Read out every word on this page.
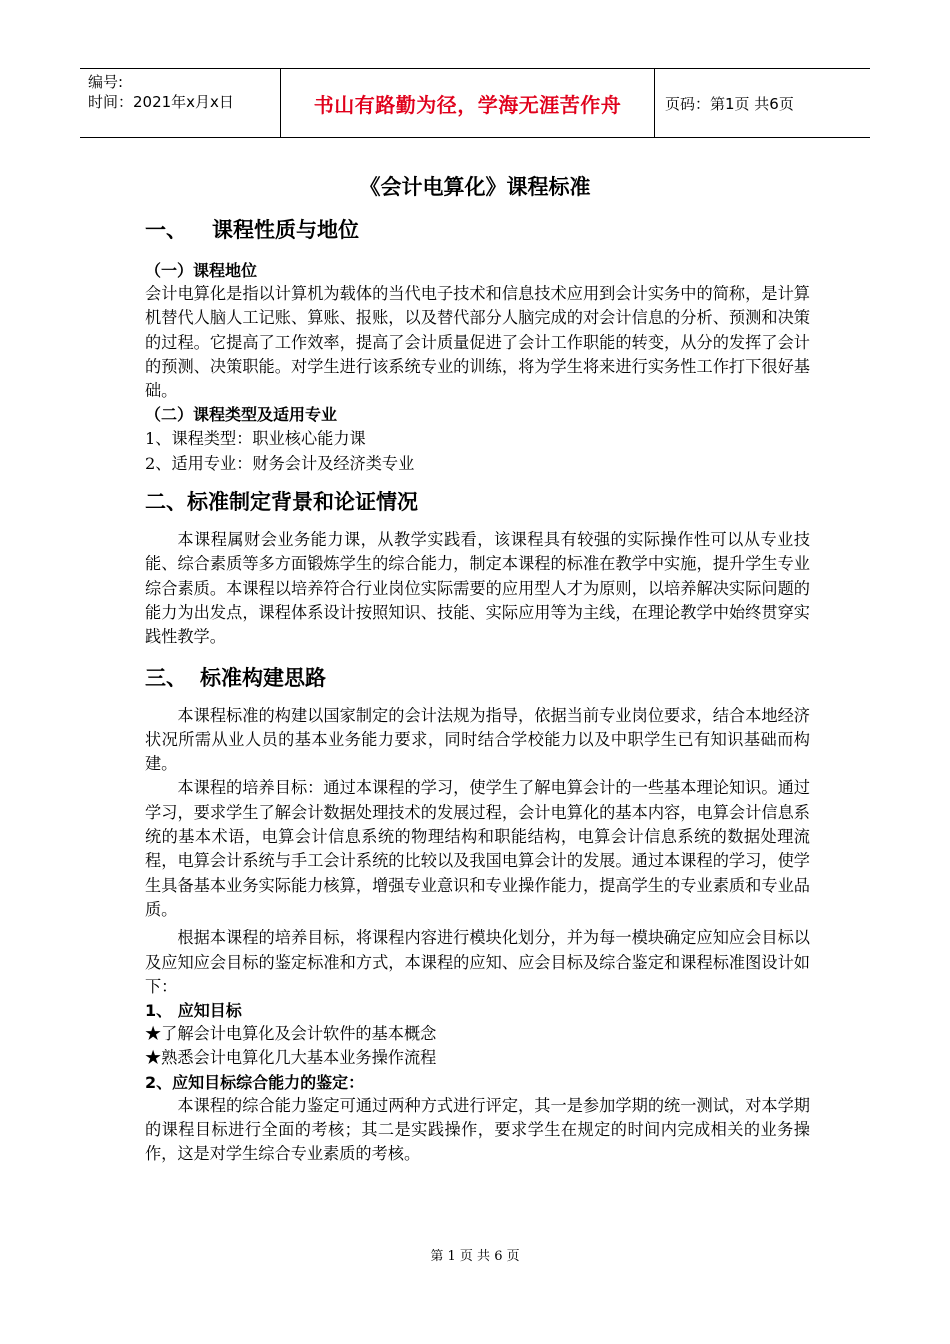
编号:
时间：2021年x月x日	书山有路勤为径，学海无涯苦作舟	页码：第1页 共6页
《会计电算化》课程标准
一、	课程性质与地位
（一）课程地位

会计电算化是指以计算机为载体的当代电子技术和信息技术应用到会计实务中的简称，是计算机替代人脑人工记账、算账、报账，以及替代部分人脑完成的对会计信息的分析、预测和决策的过程。它提高了工作效率，提高了会计质量促进了会计工作职能的转变，从分的发挥了会计的预测、决策职能。对学生进行该系统专业的训练，将为学生将来进行实务性工作打下很好基础。

（二）课程类型及适用专业

1、课程类型：职业核心能力课

2、适用专业：财务会计及经济类专业

二、标准制定背景和论证情况

本课程属财会业务能力课，从教学实践看，该课程具有较强的实际操作性可以从专业技能、综合素质等多方面锻炼学生的综合能力，制定本课程的标准在教学中实施，提升学生专业综合素质。本课程以培养符合行业岗位实际需要的应用型人才为原则，以培养解决实际问题的能力为出发点，课程体系设计按照知识、技能、实际应用等为主线，在理论教学中始终贯穿实践性教学。

三、 标准构建思路

本课程标准的构建以国家制定的会计法规为指导，依据当前专业岗位要求，结合本地经济状况所需从业人员的基本业务能力要求，同时结合学校能力以及中职学生已有知识基础而构建。

本课程的培养目标：通过本课程的学习，使学生了解电算会计的一些基本理论知识。通过学习，要求学生了解会计数据处理技术的发展过程，会计电算化的基本内容，电算会计信息系统的基本术语，电算会计信息系统的物理结构和职能结构，电算会计信息系统的数据处理流程，电算会计系统与手工会计系统的比较以及我国电算会计的发展。通过本课程的学习，使学生具备基本业务实际能力核算，增强专业意识和专业操作能力，提高学生的专业素质和专业品质。

根据本课程的培养目标，将课程内容进行模块化划分，并为每一模块确定应知应会目标以及应知应会目标的鉴定标准和方式，本课程的应知、应会目标及综合鉴定和课程标准图设计如下：

1、 应知目标

★了解会计电算化及会计软件的基本概念

★熟悉会计电算化几大基本业务操作流程

2、应知目标综合能力的鉴定：

本课程的综合能力鉴定可通过两种方式进行评定，其一是参加学期的统一测试，对本学期的课程目标进行全面的考核；其二是实践操作，要求学生在规定的时间内完成相关的业务操作，这是对学生综合专业素质的考核。

第 1 页 共 6 页
